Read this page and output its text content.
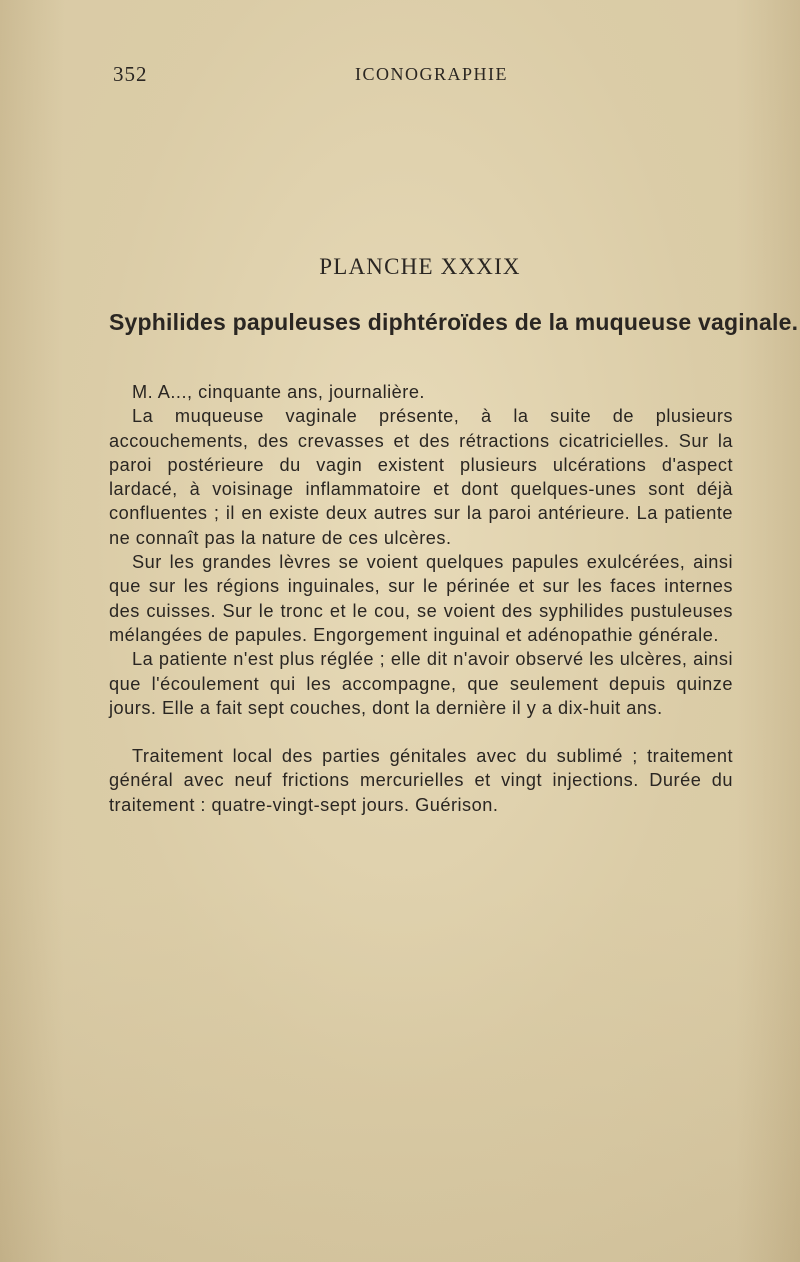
352	ICONOGRAPHIE
PLANCHE XXXIX
Syphilides papuleuses diphtéroïdes de la muqueuse vaginale.

M. A..., cinquante ans, journalière.

La muqueuse vaginale présente, à la suite de plusieurs accouchements, des crevasses et des rétractions cicatricielles. Sur la paroi postérieure du vagin existent plusieurs ulcérations d'aspect lardacé, à voisinage inflammatoire et dont quelques-unes sont déjà confluentes ; il en existe deux autres sur la paroi antérieure. La patiente ne connaît pas la nature de ces ulcères.

Sur les grandes lèvres se voient quelques papules exulcérées, ainsi que sur les régions inguinales, sur le périnée et sur les faces internes des cuisses. Sur le tronc et le cou, se voient des syphilides pustuleuses mélangées de papules. Engorgement inguinal et adénopathie générale.

La patiente n'est plus réglée ; elle dit n'avoir observé les ulcères, ainsi que l'écoulement qui les accompagne, que seulement depuis quinze jours. Elle a fait sept couches, dont la dernière il y a dix-huit ans.

Traitement local des parties génitales avec du sublimé ; traitement général avec neuf frictions mercurielles et vingt injections. Durée du traitement : quatre-vingt-sept jours. Guérison.
